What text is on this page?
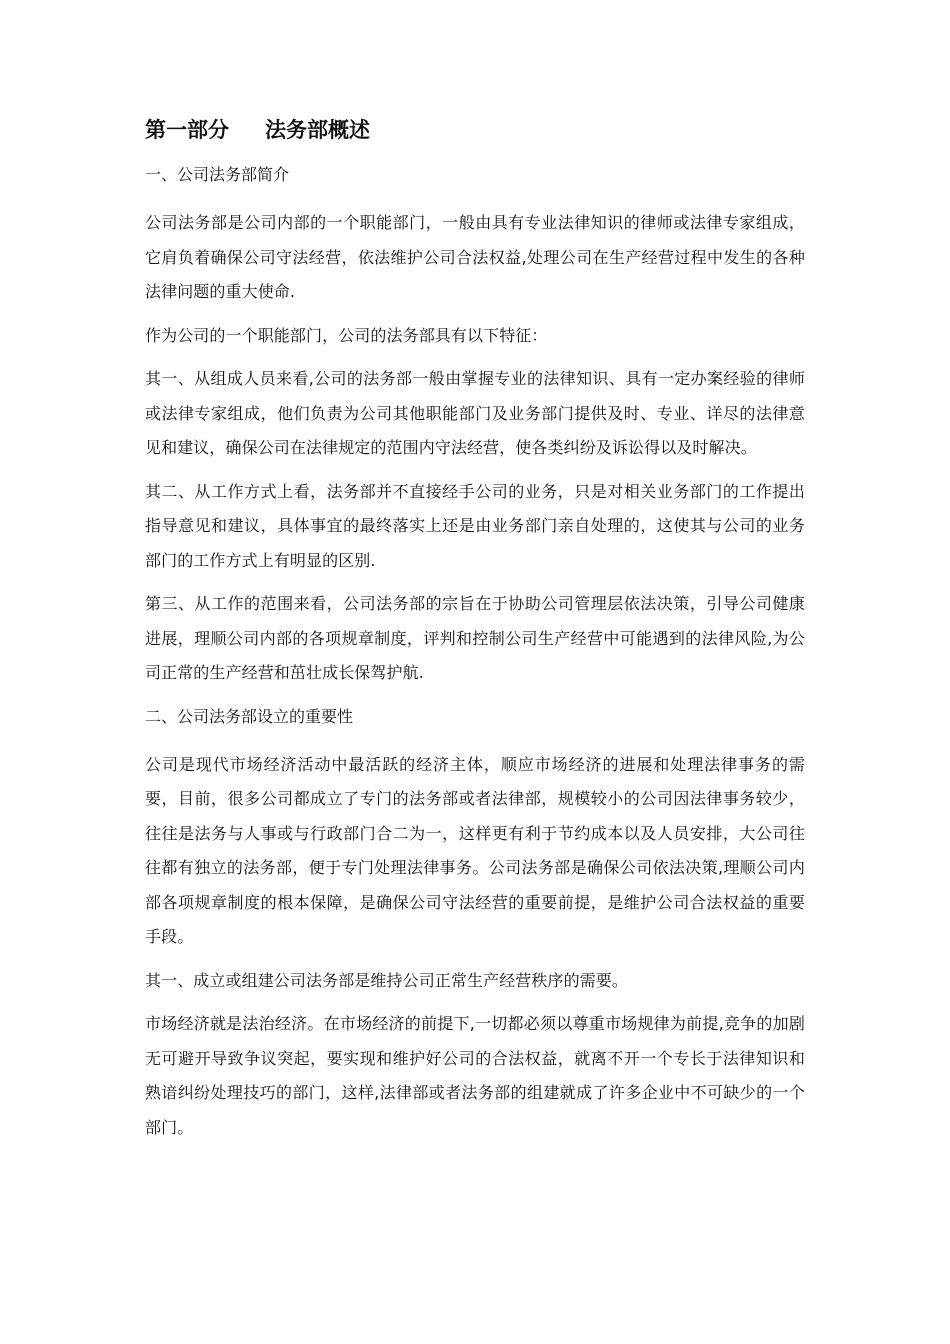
第一部分 法务部概述
一、公司法务部简介

公司法务部是公司内部的一个职能部门，一般由具有专业法律知识的律师或法律专家组成，它肩负着确保公司守法经营，依法维护公司合法权益,处理公司在生产经营过程中发生的各种法律问题的重大使命.

作为公司的一个职能部门，公司的法务部具有以下特征：

其一、从组成人员来看,公司的法务部一般由掌握专业的法律知识、具有一定办案经验的律师或法律专家组成，他们负责为公司其他职能部门及业务部门提供及时、专业、详尽的法律意见和建议，确保公司在法律规定的范围内守法经营，使各类纠纷及诉讼得以及时解决。

其二、从工作方式上看，法务部并不直接经手公司的业务，只是对相关业务部门的工作提出指导意见和建议，具体事宜的最终落实上还是由业务部门亲自处理的，这使其与公司的业务部门的工作方式上有明显的区别.

第三、从工作的范围来看，公司法务部的宗旨在于协助公司管理层依法决策，引导公司健康进展，理顺公司内部的各项规章制度，评判和控制公司生产经营中可能遇到的法律风险,为公司正常的生产经营和茁壮成长保驾护航.

二、公司法务部设立的重要性

公司是现代市场经济活动中最活跃的经济主体，顺应市场经济的进展和处理法律事务的需要，目前，很多公司都成立了专门的法务部或者法律部，规模较小的公司因法律事务较少，往往是法务与人事或与行政部门合二为一，这样更有利于节约成本以及人员安排，大公司往往都有独立的法务部，便于专门处理法律事务。公司法务部是确保公司依法决策,理顺公司内部各项规章制度的根本保障，是确保公司守法经营的重要前提，是维护公司合法权益的重要手段。

其一、成立或组建公司法务部是维持公司正常生产经营秩序的需要。

市场经济就是法治经济。在市场经济的前提下,一切都必须以尊重市场规律为前提,竞争的加剧无可避开导致争议突起，要实现和维护好公司的合法权益，就离不开一个专长于法律知识和熟谙纠纷处理技巧的部门，这样,法律部或者法务部的组建就成了许多企业中不可缺少的一个部门。
